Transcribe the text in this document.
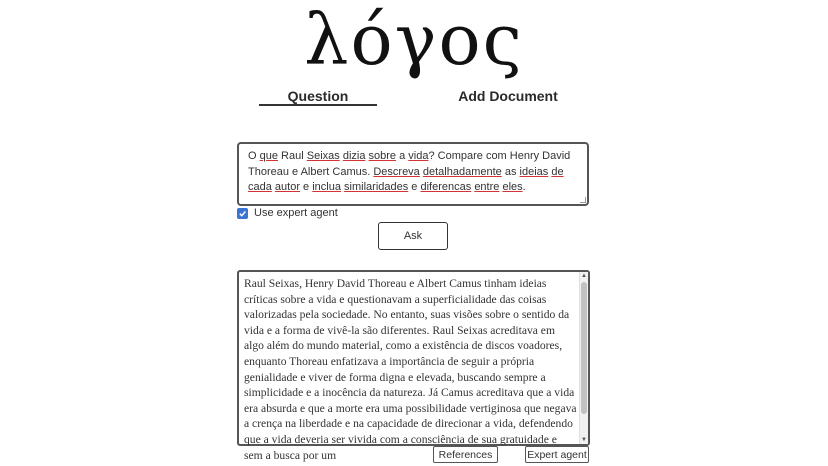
λόγος
Question	Add Document
O que Raul Seixas dizia sobre a vida? Compare com Henry David Thoreau e Albert Camus. Descreva detalhadamente as ideias de cada autor e inclua similaridades e diferencas entre eles.
Use expert agent
Ask
Raul Seixas, Henry David Thoreau e Albert Camus tinham ideias críticas sobre a vida e questionavam a superficialidade das coisas valorizadas pela sociedade. No entanto, suas visões sobre o sentido da vida e a forma de vivê-la são diferentes. Raul Seixas acreditava em algo além do mundo material, como a existência de discos voadores, enquanto Thoreau enfatizava a importância de seguir a própria genialidade e viver de forma digna e elevada, buscando sempre a simplicidade e a inocência da natureza. Já Camus acreditava que a vida era absurda e que a morte era uma possibilidade vertiginosa que negava a crença na liberdade e na capacidade de direcionar a vida, defendendo que a vida deveria ser vivida com a consciência de sua gratuidade e sem a busca por um
▲
▼
References	Expert agent
